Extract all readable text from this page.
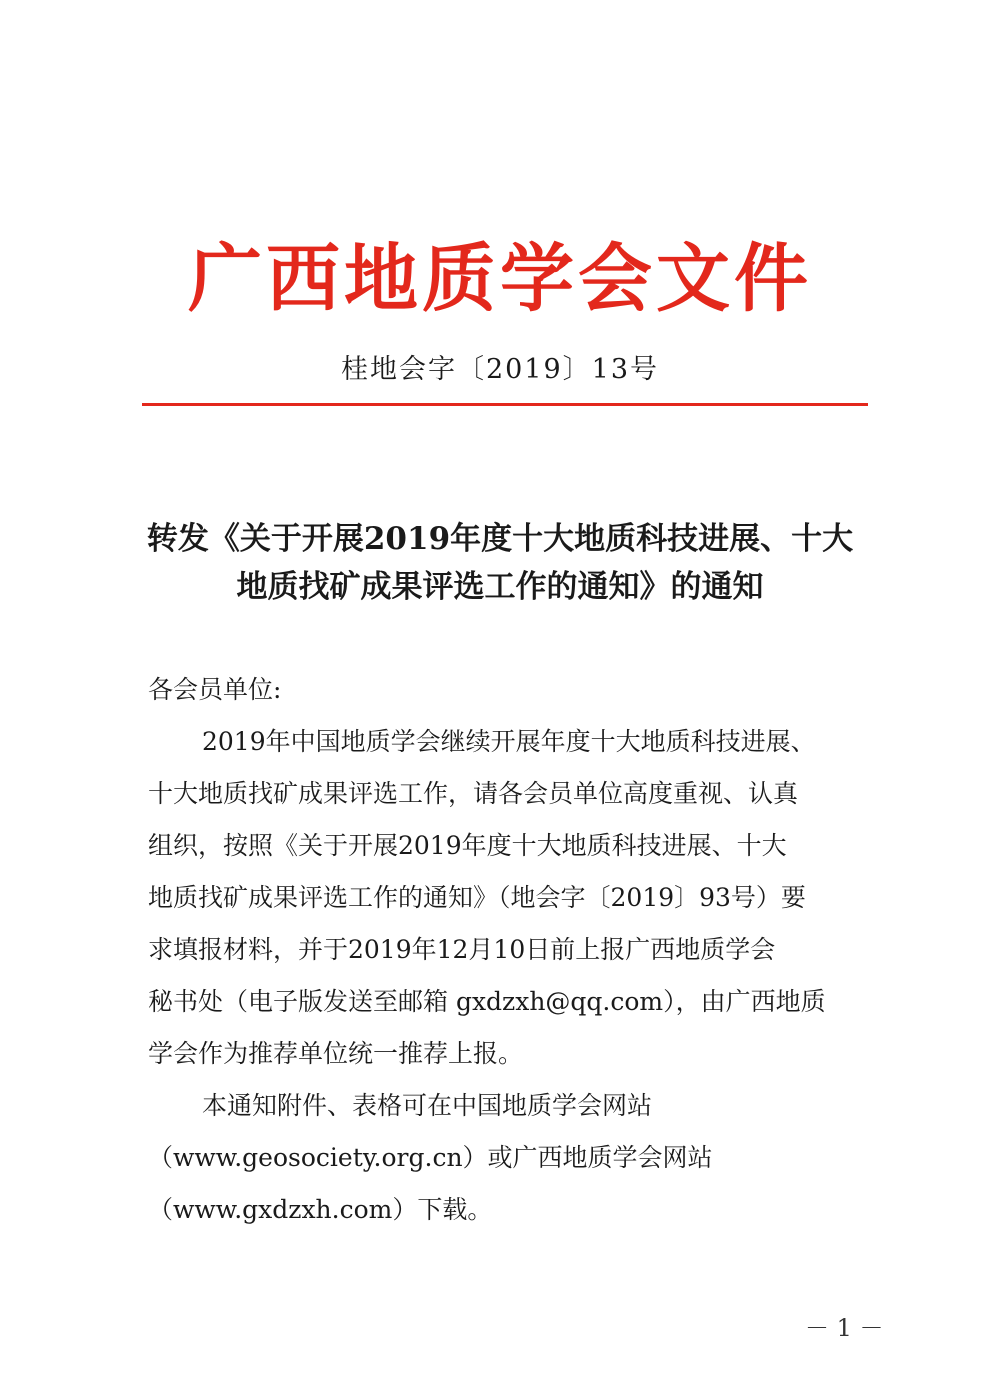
广西地质学会文件
桂地会字〔2019〕13号
转发《关于开展2019年度十大地质科技进展、十大
地质找矿成果评选工作的通知》的通知

各会员单位:

2019年中国地质学会继续开展年度十大地质科技进展、

十大地质找矿成果评选工作，请各会员单位高度重视、认真

组织，按照《关于开展2019年度十大地质科技进展、十大

地质找矿成果评选工作的通知》（地会字〔2019〕93号）要

求填报材料，并于2019年12月10日前上报广西地质学会

秘书处（电子版发送至邮箱 gxdzxh@qq.com），由广西地质

学会作为推荐单位统一推荐上报。

本通知附件、表格可在中国地质学会网站

（www.geosociety.org.cn）或广西地质学会网站

（www.gxdzxh.com）下载。

－ 1 －
